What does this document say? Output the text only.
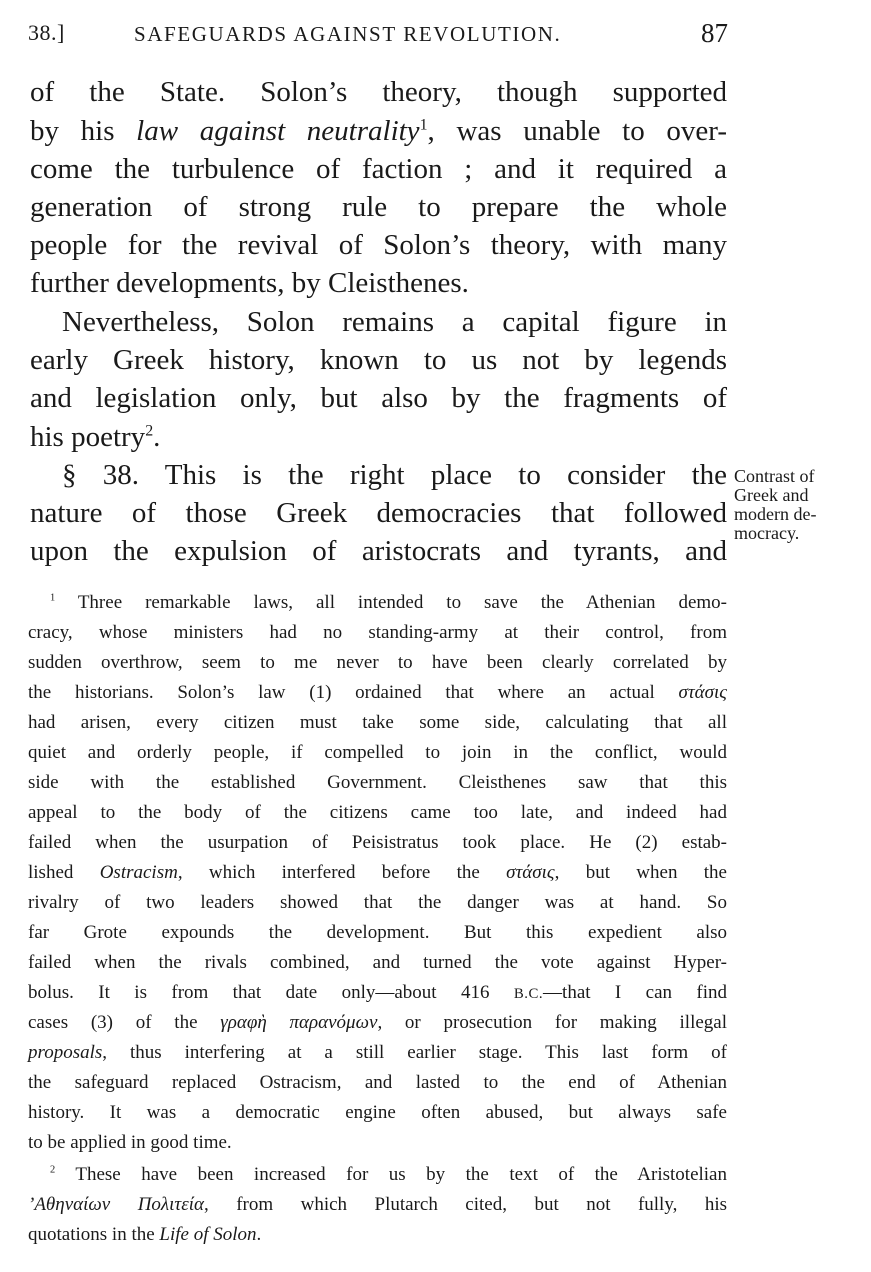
38.]	SAFEGUARDS AGAINST REVOLUTION.	87
of the State. Solon’s theory, though supported
by his law against neutrality$^1$, was unable to over-
come the turbulence of faction ; and it required a
generation of strong rule to prepare the whole
people for the revival of Solon’s theory, with many
further developments, by Cleisthenes.
Nevertheless, Solon remains a capital figure in
early Greek history, known to us not by legends
and legislation only, but also by the fragments of
his poetry$^2$.
§ 38. This is the right place to consider the
nature of those Greek democracies that followed
upon the expulsion of aristocrats and tyrants, and
Contrast of
Greek and
modern de-
mocracy.
$^1$ Three remarkable laws, all intended to save the Athenian demo-
cracy, whose ministers had no standing-army at their control, from
sudden overthrow, seem to me never to have been clearly correlated by
the historians. Solon’s law (1) ordained that where an actual στάσις
had arisen, every citizen must take some side, calculating that all
quiet and orderly people, if compelled to join in the conflict, would
side with the established Government. Cleisthenes saw that this
appeal to the body of the citizens came too late, and indeed had
failed when the usurpation of Peisistratus took place. He (2) estab-
lished Ostracism, which interfered before the στάσις, but when the
rivalry of two leaders showed that the danger was at hand. So
far Grote expounds the development. But this expedient also
failed when the rivals combined, and turned the vote against Hyper-
bolus. It is from that date only—about 416 B.C.—that I can find
cases (3) of the γραφὴ παρανόμων, or prosecution for making illegal
proposals, thus interfering at a still earlier stage. This last form of
the safeguard replaced Ostracism, and lasted to the end of Athenian
history. It was a democratic engine often abused, but always safe
to be applied in good time.
$^2$ These have been increased for us by the text of the Aristotelian
’Αθηναίων Πολιτεία, from which Plutarch cited, but not fully, his
quotations in the Life of Solon.
